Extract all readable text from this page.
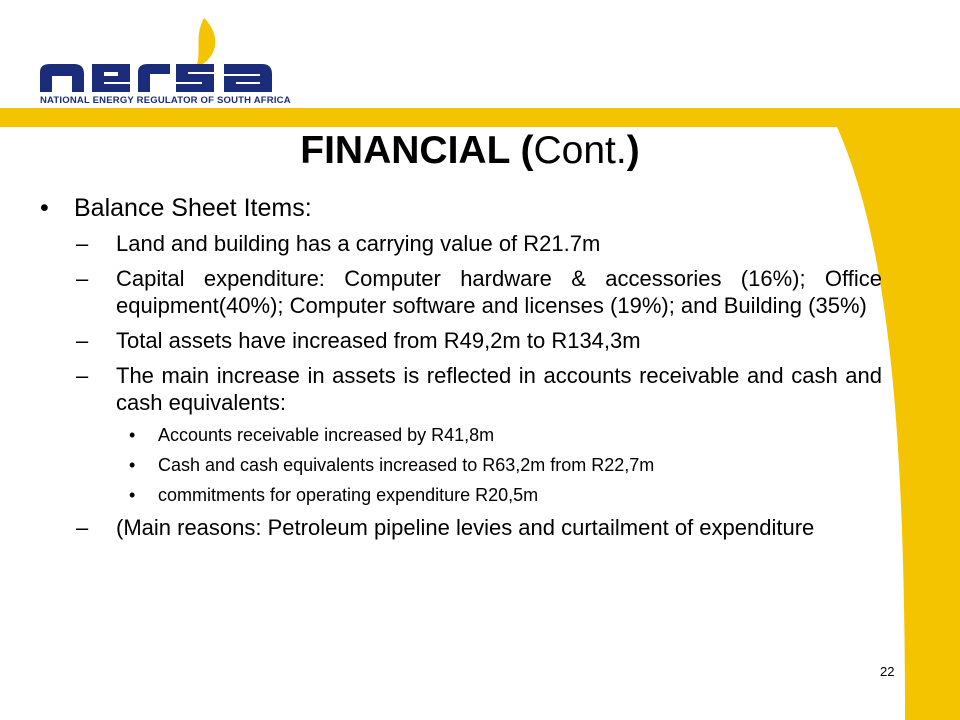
NATIONAL ENERGY REGULATOR OF SOUTH AFRICA
FINANCIAL (Cont.)
• Balance Sheet Items:
– Land and building has a carrying value of R21.7m
– Capital expenditure: Computer hardware & accessories (16%); Office equipment(40%); Computer software and licenses (19%); and Building (35%)
– Total assets have increased from R49,2m to R134,3m
– The main increase in assets is reflected in accounts receivable and cash and cash equivalents:
• Accounts receivable increased by R41,8m
• Cash and cash equivalents increased to R63,2m from R22,7m
• commitments for operating expenditure R20,5m
– (Main reasons: Petroleum pipeline levies and curtailment of expenditure
22
